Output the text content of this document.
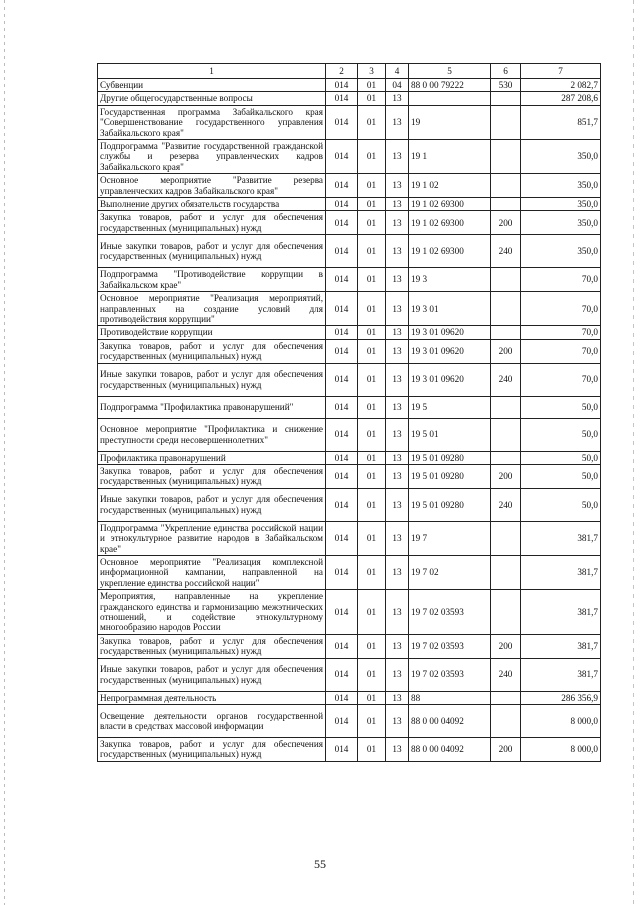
1	2	3	4	5	6	7
Субвенции	014	01	04	88 0 00 79222	530	2 082,7
Другие общегосударственные вопросы	014	01	13			287 208,6
Государственная программа Забайкальского края "Совершенствование государственного управления Забайкальского края"	014	01	13	19		851,7
Подпрограмма "Развитие государственной гражданской службы и резерва управленческих кадров Забайкальского края"	014	01	13	19 1		350,0
Основное мероприятие "Развитие резерва управленческих кадров Забайкальского края"	014	01	13	19 1 02		350,0
Выполнение других обязательств государства	014	01	13	19 1 02 69300		350,0
Закупка товаров, работ и услуг для обеспечения государственных (муниципальных) нужд	014	01	13	19 1 02 69300	200	350,0
Иные закупки товаров, работ и услуг для обеспечения государственных (муниципальных) нужд	014	01	13	19 1 02 69300	240	350,0
Подпрограмма "Противодействие коррупции в Забайкальском крае"	014	01	13	19 3		70,0
Основное мероприятие "Реализация мероприятий, направленных на создание условий для противодействия коррупции"	014	01	13	19 3 01		70,0
Противодействие коррупции	014	01	13	19 3 01 09620		70,0
Закупка товаров, работ и услуг для обеспечения государственных (муниципальных) нужд	014	01	13	19 3 01 09620	200	70,0
Иные закупки товаров, работ и услуг для обеспечения государственных (муниципальных) нужд	014	01	13	19 3 01 09620	240	70,0
Подпрограмма "Профилактика правонарушений"	014	01	13	19 5		50,0
Основное мероприятие "Профилактика и снижение преступности среди несовершеннолетних"	014	01	13	19 5 01		50,0
Профилактика правонарушений	014	01	13	19 5 01 09280		50,0
Закупка товаров, работ и услуг для обеспечения государственных (муниципальных) нужд	014	01	13	19 5 01 09280	200	50,0
Иные закупки товаров, работ и услуг для обеспечения государственных (муниципальных) нужд	014	01	13	19 5 01 09280	240	50,0
Подпрограмма "Укрепление единства российской нации и этнокультурное развитие народов в Забайкальском крае"	014	01	13	19 7		381,7
Основное мероприятие "Реализация комплексной информационной кампании, направленной на укрепление единства российской нации"	014	01	13	19 7 02		381,7
Мероприятия, направленные на укрепление гражданского единства и гармонизацию межэтнических отношений, и содействие этнокультурному многообразию народов России	014	01	13	19 7 02 03593		381,7
Закупка товаров, работ и услуг для обеспечения государственных (муниципальных) нужд	014	01	13	19 7 02 03593	200	381,7
Иные закупки товаров, работ и услуг для обеспечения государственных (муниципальных) нужд	014	01	13	19 7 02 03593	240	381,7
Непрограммная деятельность	014	01	13	88		286 356,9
Освещение деятельности органов государственной власти в средствах массовой информации	014	01	13	88 0 00 04092		8 000,0
Закупка товаров, работ и услуг для обеспечения государственных (муниципальных) нужд	014	01	13	88 0 00 04092	200	8 000,0
55
